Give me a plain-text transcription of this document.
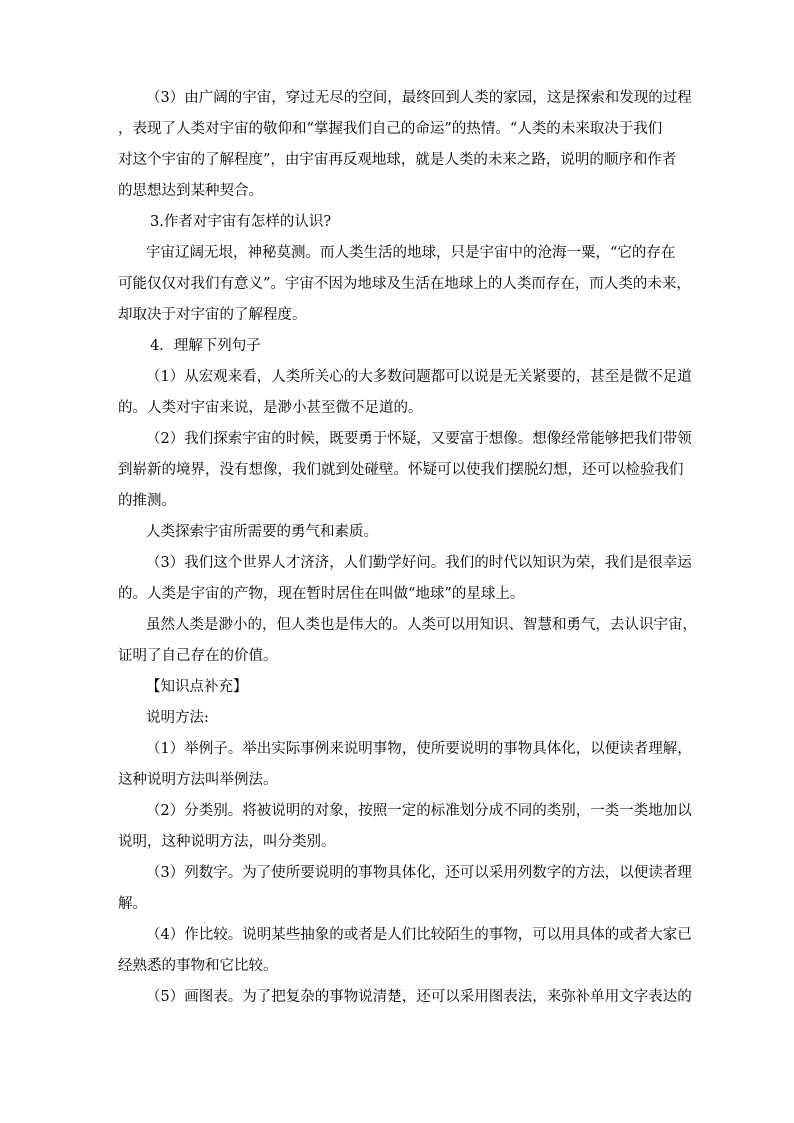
（3）由广阔的宇宙，穿过无尽的空间，最终回到人类的家园，这是探索和发现的过程
，表现了人类对宇宙的敬仰和“掌握我们自己的命运”的热情。“人类的未来取决于我们
对这个宇宙的了解程度”，由宇宙再反观地球，就是人类的未来之路，说明的顺序和作者
的思想达到某种契合。
3.作者对宇宙有怎样的认识?
宇宙辽阔无垠，神秘莫测。而人类生活的地球，只是宇宙中的沧海一粟，“它的存在
可能仅仅对我们有意义”。宇宙不因为地球及生活在地球上的人类而存在，而人类的未来，
却取决于对宇宙的了解程度。
4．理解下列句子
（1）从宏观来看，人类所关心的大多数问题都可以说是无关紧要的，甚至是微不足道
的。人类对宇宙来说，是渺小甚至微不足道的。
（2）我们探索宇宙的时候，既要勇于怀疑，又要富于想像。想像经常能够把我们带领
到崭新的境界，没有想像，我们就到处碰壁。怀疑可以使我们摆脱幻想，还可以检验我们
的推测。
人类探索宇宙所需要的勇气和素质。
（3）我们这个世界人才济济，人们勤学好问。我们的时代以知识为荣，我们是很幸运
的。人类是宇宙的产物，现在暂时居住在叫做“地球”的星球上。
虽然人类是渺小的，但人类也是伟大的。人类可以用知识、智慧和勇气，去认识宇宙，
证明了自己存在的价值。
【知识点补充】
说明方法:
（1）举例子。举出实际事例来说明事物，使所要说明的事物具体化，以便读者理解，
这种说明方法叫举例法。
（2）分类别。将被说明的对象，按照一定的标准划分成不同的类别，一类一类地加以
说明，这种说明方法，叫分类别。
（3）列数字。为了使所要说明的事物具体化，还可以采用列数字的方法，以便读者理
解。
（4）作比较。说明某些抽象的或者是人们比较陌生的事物，可以用具体的或者大家已
经熟悉的事物和它比较。
（5）画图表。为了把复杂的事物说清楚，还可以采用图表法，来弥补单用文字表达的
